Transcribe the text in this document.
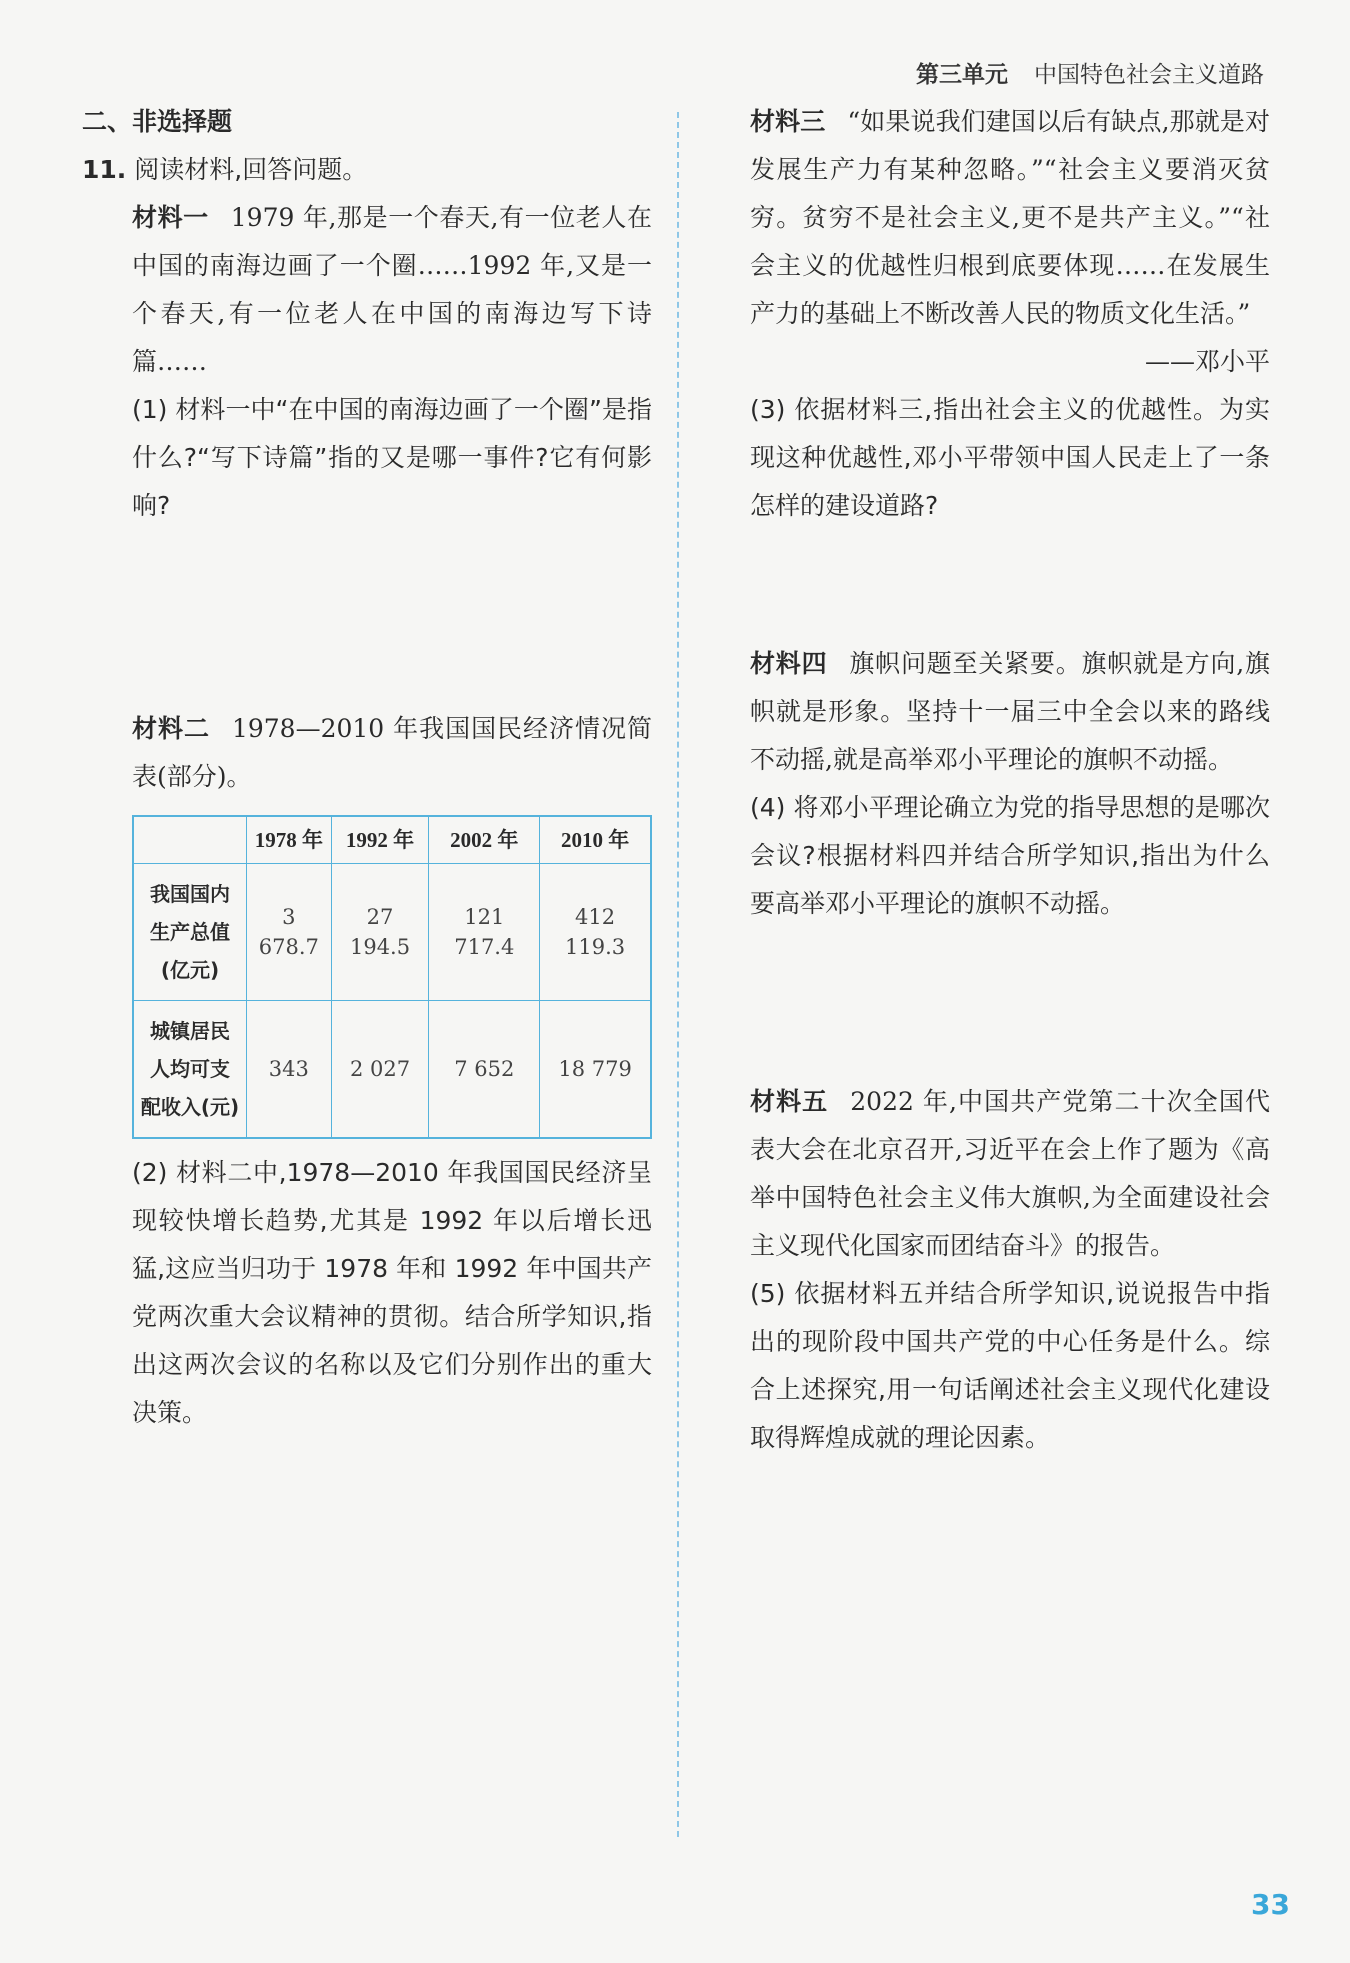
第三单元 中国特色社会主义道路

二、非选择题

11. 阅读材料,回答问题。

材料一 1979 年,那是一个春天,有一位老人在中国的南海边画了一个圈……1992 年,又是一个春天,有一位老人在中国的南海边写下诗篇……

(1) 材料一中“在中国的南海边画了一个圈”是指什么?“写下诗篇”指的又是哪一事件?它有何影响?

材料二 1978—2010 年我国国民经济情况简表(部分)。

	1978 年	1992 年	2002 年	2010 年

我国国内
生产总值
(亿元)	3 678.7	27 194.5	121 717.4	412 119.3

城镇居民
人均可支
配收入(元)	343	2 027	7 652	18 779

(2) 材料二中,1978—2010 年我国国民经济呈现较快增长趋势,尤其是 1992 年以后增长迅猛,这应当归功于 1978 年和 1992 年中国共产党两次重大会议精神的贯彻。结合所学知识,指出这两次会议的名称以及它们分别作出的重大决策。

材料三 “如果说我们建国以后有缺点,那就是对发展生产力有某种忽略。”“社会主义要消灭贫穷。贫穷不是社会主义,更不是共产主义。”“社会主义的优越性归根到底要体现……在发展生产力的基础上不断改善人民的物质文化生活。”
——邓小平

(3) 依据材料三,指出社会主义的优越性。为实现这种优越性,邓小平带领中国人民走上了一条怎样的建设道路?

材料四 旗帜问题至关紧要。旗帜就是方向,旗帜就是形象。坚持十一届三中全会以来的路线不动摇,就是高举邓小平理论的旗帜不动摇。

(4) 将邓小平理论确立为党的指导思想的是哪次会议?根据材料四并结合所学知识,指出为什么要高举邓小平理论的旗帜不动摇。

材料五 2022 年,中国共产党第二十次全国代表大会在北京召开,习近平在会上作了题为《高举中国特色社会主义伟大旗帜,为全面建设社会主义现代化国家而团结奋斗》的报告。

(5) 依据材料五并结合所学知识,说说报告中指出的现阶段中国共产党的中心任务是什么。综合上述探究,用一句话阐述社会主义现代化建设取得辉煌成就的理论因素。

33
